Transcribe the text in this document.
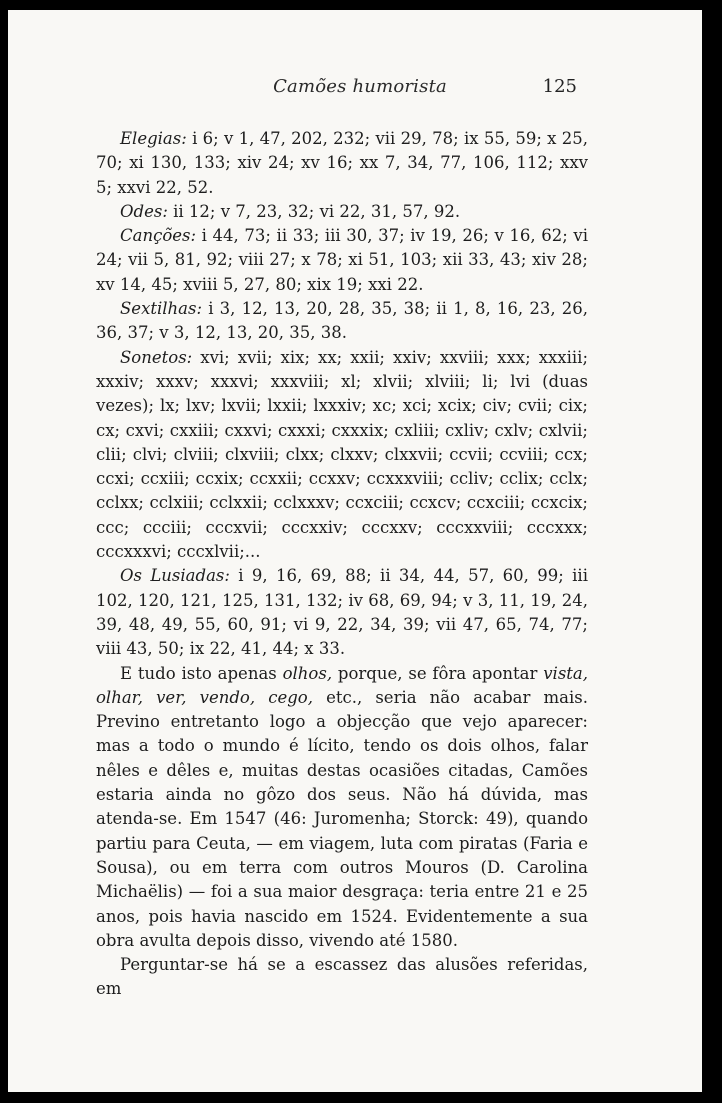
Camões humorista	125

Elegias: i 6; v 1, 47, 202, 232; vii 29, 78; ix 55, 59; x 25, 70; xi 130, 133; xiv 24; xv 16; xx 7, 34, 77, 106, 112; xxv 5; xxvi 22, 52.

Odes: ii 12; v 7, 23, 32; vi 22, 31, 57, 92.

Canções: i 44, 73; ii 33; iii 30, 37; iv 19, 26; v 16, 62; vi 24; vii 5, 81, 92; viii 27; x 78; xi 51, 103; xii 33, 43; xiv 28; xv 14, 45; xviii 5, 27, 80; xix 19; xxi 22.

Sextilhas: i 3, 12, 13, 20, 28, 35, 38; ii 1, 8, 16, 23, 26, 36, 37; v 3, 12, 13, 20, 35, 38.

Sonetos: xvi; xvii; xix; xx; xxii; xxiv; xxviii; xxx; xxxiii; xxxiv; xxxv; xxxvi; xxxviii; xl; xlvii; xlviii; li; lvi (duas vezes); lx; lxv; lxvii; lxxii; lxxxiv; xc; xci; xcix; civ; cvii; cix; cx; cxvi; cxxiii; cxxvi; cxxxi; cxxxix; cxliii; cxliv; cxlv; cxlvii; clii; clvi; clviii; clxviii; clxx; clxxv; clxxvii; ccvii; ccviii; ccx; ccxi; ccxiii; ccxix; ccxxii; ccxxv; ccxxxviii; ccliv; cclix; cclx; cclxx; cclxiii; cclxxii; cclxxxv; ccxciii; ccxcv; ccxciii; ccxcix; ccc; ccciii; cccxvii; cccxxiv; cccxxv; cccxxviii; cccxxx; cccxxxvi; cccxlvii;...

Os Lusiadas: i 9, 16, 69, 88; ii 34, 44, 57, 60, 99; iii 102, 120, 121, 125, 131, 132; iv 68, 69, 94; v 3, 11, 19, 24, 39, 48, 49, 55, 60, 91; vi 9, 22, 34, 39; vii 47, 65, 74, 77; viii 43, 50; ix 22, 41, 44; x 33.

E tudo isto apenas olhos, porque, se fôra apontar vista, olhar, ver, vendo, cego, etc., seria não acabar mais. Previno entretanto logo a objecção que vejo aparecer: mas a todo o mundo é lícito, tendo os dois olhos, falar nêles e dêles e, muitas destas ocasiões citadas, Camões estaria ainda no gôzo dos seus. Não há dúvida, mas atenda-se. Em 1547 (46: Juromenha; Storck: 49), quando partiu para Ceuta, — em viagem, luta com piratas (Faria e Sousa), ou em terra com outros Mouros (D. Carolina Michaëlis) — foi a sua maior desgraça: teria entre 21 e 25 anos, pois havia nascido em 1524. Evidentemente a sua obra avulta depois disso, vivendo até 1580.

Perguntar-se há se a escassez das alusões referidas, em
